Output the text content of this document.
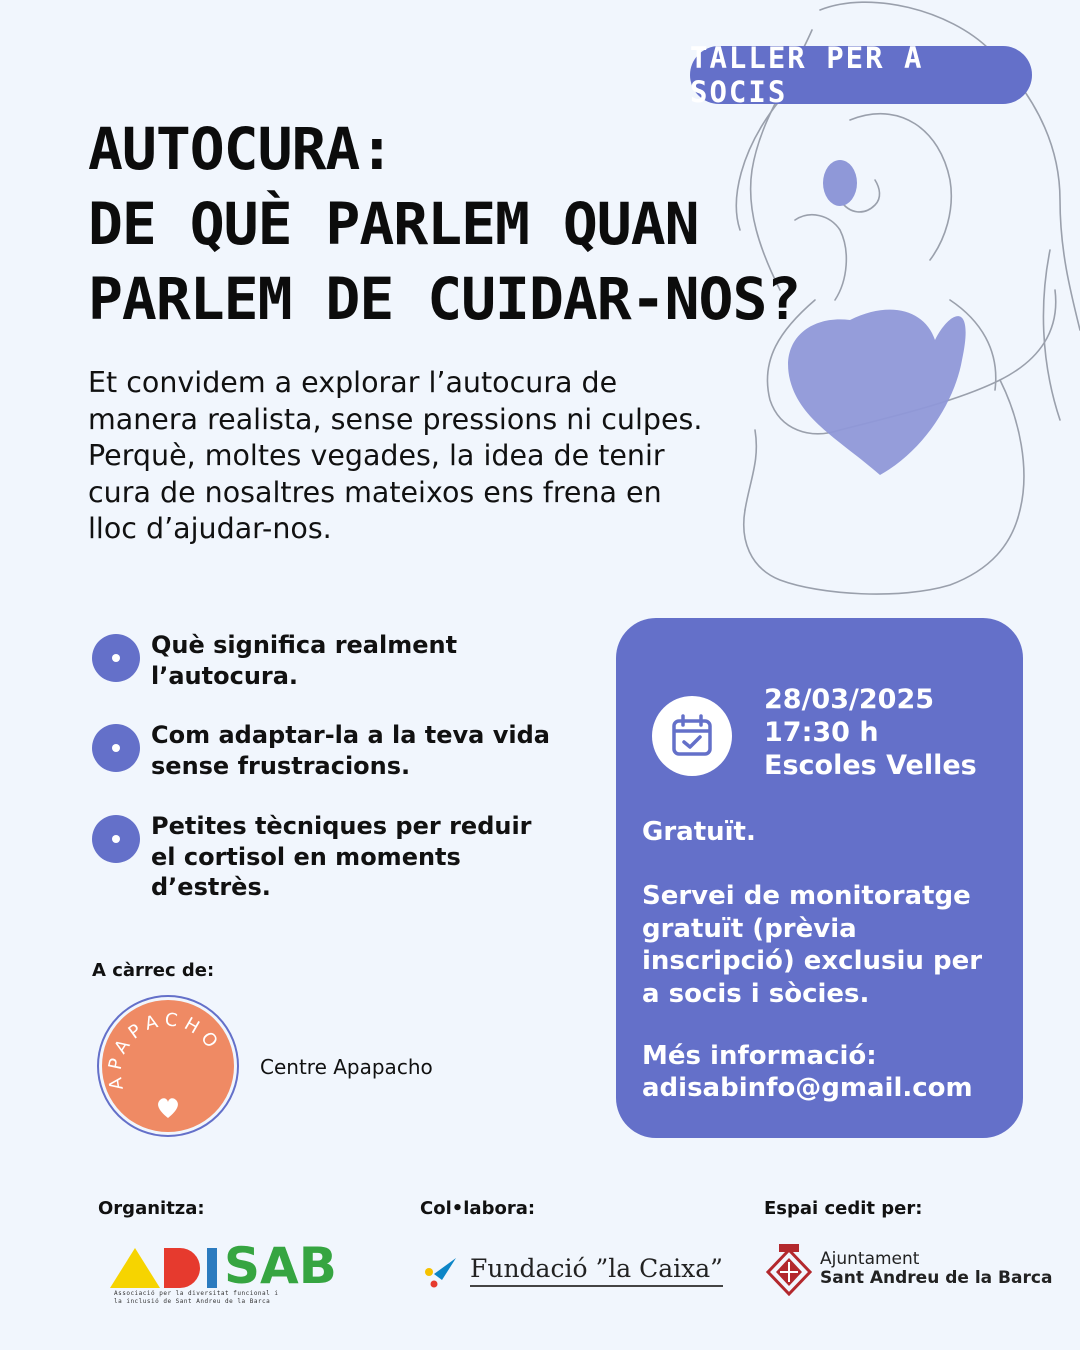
TALLER PER A SOCIS
AUTOCURA:
DE QUÈ PARLEM QUAN
PARLEM DE CUIDAR-NOS?

Et convidem a explorar l’autocura de
manera realista, sense pressions ni culpes.
Perquè, moltes vegades, la idea de tenir
cura de nosaltres mateixos ens frena en
lloc d’ajudar-nos.

Què significa realment
l’autocura.
Com adaptar-la a la teva vida
sense frustracions.
Petites tècniques per reduir
el cortisol en moments
d’estrès.
A càrrec de:
APAPACHO
Centre Apapacho
28/03/2025
17:30 h
Escoles Velles
Gratuït.
Servei de monitoratge
gratuït (prèvia
inscripció) exclusiu per
a socis i sòcies.
Més informació:
adisabinfo@gmail.com
Organitza:	Col•labora:	Espai cedit per:
SAB
Associació per la diversitat funcional i
la inclusió de Sant Andreu de la Barca
Fundació ”la Caixa”	Ajuntament
Sant Andreu de la Barca
